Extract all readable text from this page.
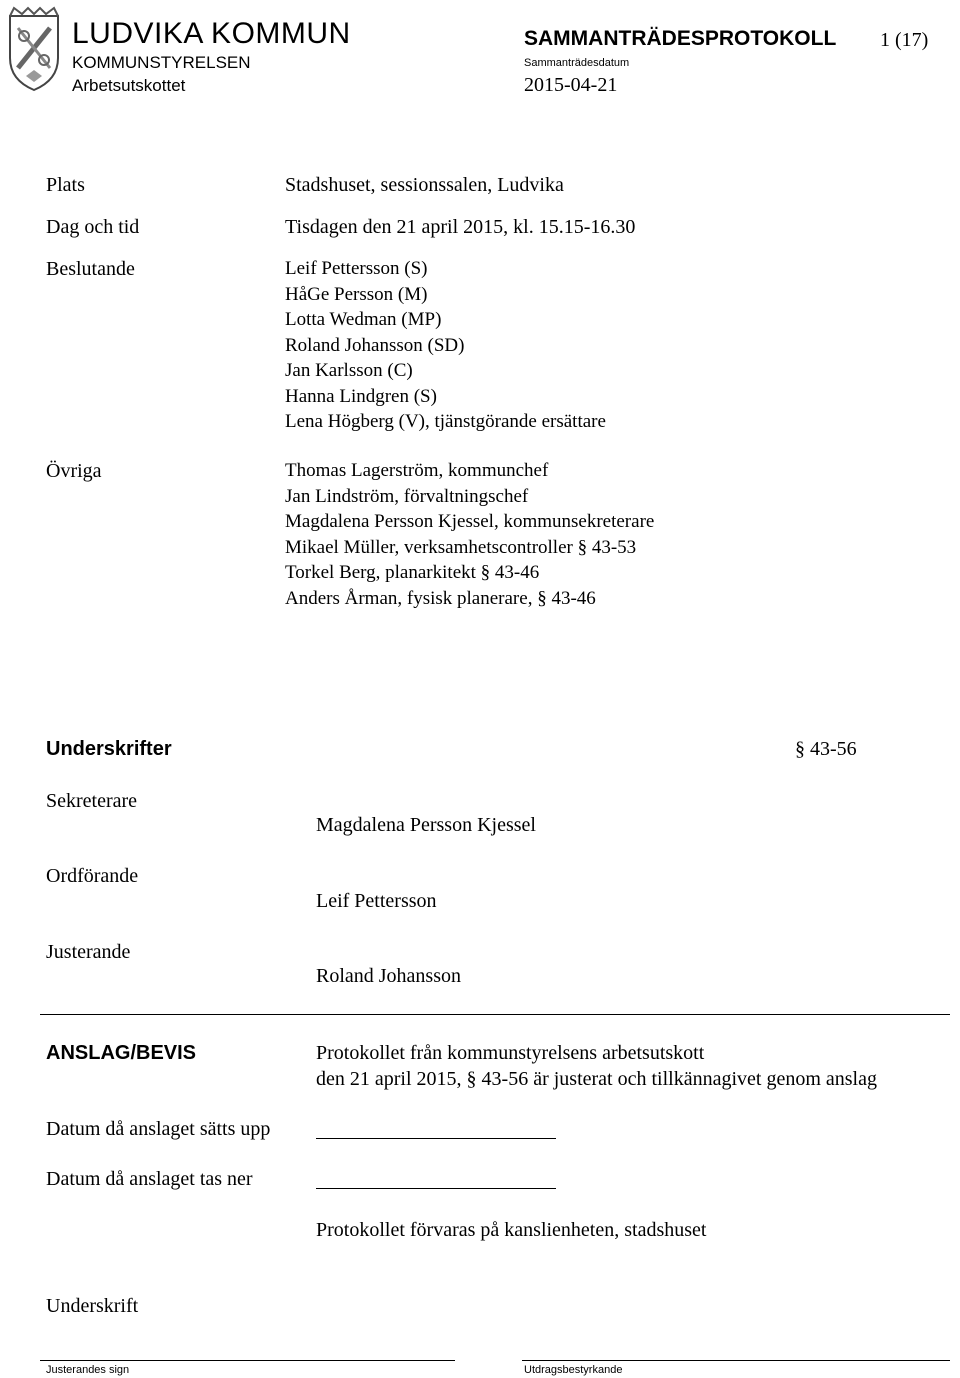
LUDVIKA KOMMUN
KOMMUNSTYRELSEN
Arbetsutskottet
SAMMANTRÄDESPROTOKOLL 1 (17)
Sammanträdesdatum
2015-04-21
Plats	Stadshuset, sessionssalen, Ludvika
Dag och tid	Tisdagen den 21 april 2015, kl. 15.15-16.30
Beslutande	Leif Pettersson (S)
HåGe Persson (M)
Lotta Wedman (MP)
Roland Johansson (SD)
Jan Karlsson (C)
Hanna Lindgren (S)
Lena Högberg (V), tjänstgörande ersättare
Övriga	Thomas Lagerström, kommunchef
Jan Lindström, förvaltningschef
Magdalena Persson Kjessel, kommunsekreterare
Mikael Müller, verksamhetscontroller § 43-53
Torkel Berg, planarkitekt § 43-46
Anders Årman, fysisk planerare, § 43-46
Underskrifter	§ 43-56
Sekreterare
Magdalena Persson Kjessel
Ordförande
Leif Pettersson
Justerande
Roland Johansson
ANSLAG/BEVIS	Protokollet från kommunstyrelsens arbetsutskott
den 21 april 2015, § 43-56 är justerat och tillkännagivet genom anslag
Datum då anslaget sätts upp
Datum då anslaget tas ner
Protokollet förvaras på kanslienheten, stadshuset
Underskrift
Justerandes sign	Utdragsbestyrkande
